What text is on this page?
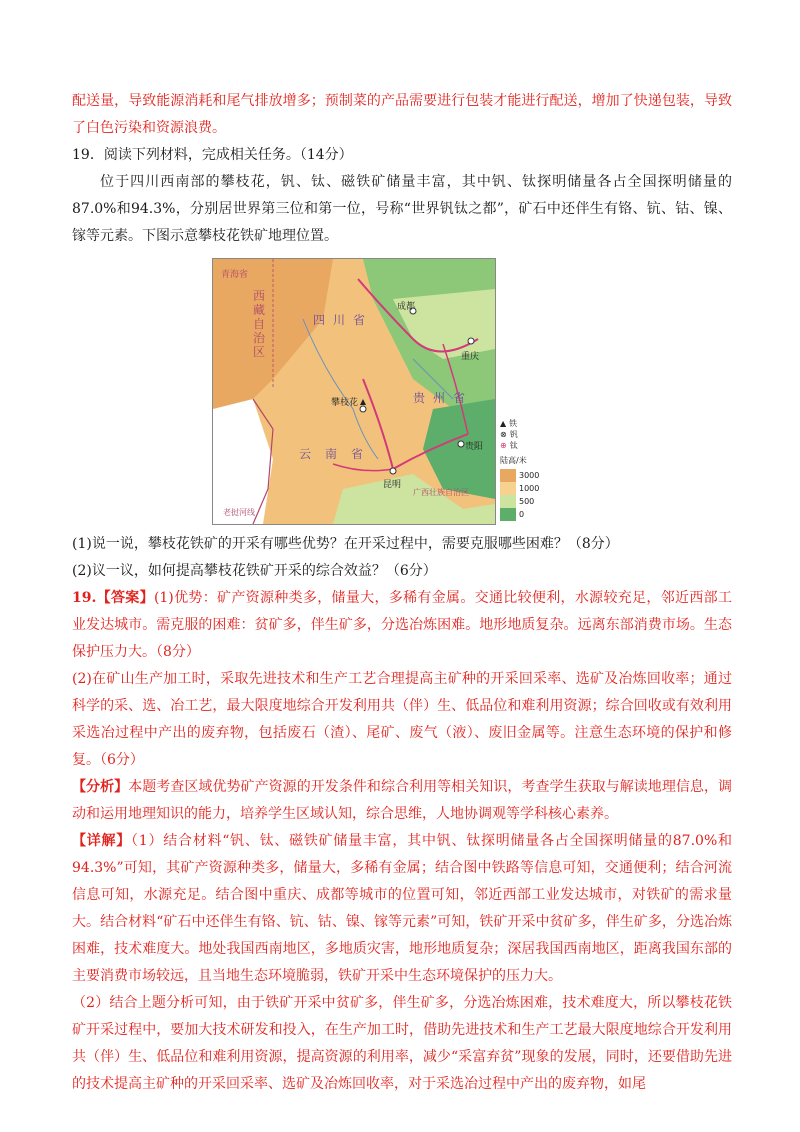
配送量，导致能源消耗和尾气排放增多；预制菜的产品需要进行包装才能进行配送，增加了快递包装，导致了白色污染和资源浪费。

19．阅读下列材料，完成相关任务。（14分）

位于四川西南部的攀枝花，钒、钛、磁铁矿储量丰富，其中钒、钛探明储量各占全国探明储量的87.0%和94.3%，分别居世界第三位和第一位，号称“世界钒钛之都”，矿石中还伴生有铬、钪、钴、镍、镓等元素。下图示意攀枝花铁矿地理位置。

青海省
西藏自治区
四川省
成都
重庆
攀枝花	贵州省
贵阳
云南省
昆明
广西壮族自治区
老挝河线
▲ 铁
⊗ 钒
⊕ 钛
陆高/米
3000
1000
500
0

(1)说一说，攀枝花铁矿的开采有哪些优势？在开采过程中，需要克服哪些困难？（8分）

(2)议一议，如何提高攀枝花铁矿开采的综合效益？（6分）

19.【答案】(1)优势：矿产资源种类多，储量大，多稀有金属。交通比较便利，水源较充足，邻近西部工业发达城市。需克服的困难：贫矿多，伴生矿多，分选冶炼困难。地形地质复杂。远离东部消费市场。生态保护压力大。（8分）

(2)在矿山生产加工时，采取先进技术和生产工艺合理提高主矿种的开采回采率、选矿及冶炼回收率；通过科学的采、选、冶工艺，最大限度地综合开发利用共（伴）生、低品位和难利用资源；综合回收或有效利用采选冶过程中产出的废弃物，包括废石（渣）、尾矿、废气（液）、废旧金属等。注意生态环境的保护和修复。（6分）

【分析】本题考查区域优势矿产资源的开发条件和综合利用等相关知识，考查学生获取与解读地理信息，调动和运用地理知识的能力，培养学生区域认知，综合思维，人地协调观等学科核心素养。

【详解】（1）结合材料“钒、钛、磁铁矿储量丰富，其中钒、钛探明储量各占全国探明储量的87.0%和94.3%”可知，其矿产资源种类多，储量大，多稀有金属；结合图中铁路等信息可知，交通便利；结合河流信息可知，水源充足。结合图中重庆、成都等城市的位置可知，邻近西部工业发达城市，对铁矿的需求量大。结合材料“矿石中还伴生有铬、钪、钴、镍、镓等元素”可知，铁矿开采中贫矿多，伴生矿多，分选冶炼困难，技术难度大。地处我国西南地区，多地质灾害，地形地质复杂；深居我国西南地区，距离我国东部的主要消费市场较远，且当地生态环境脆弱，铁矿开采中生态环境保护的压力大。

（2）结合上题分析可知，由于铁矿开采中贫矿多，伴生矿多，分选冶炼困难，技术难度大，所以攀枝花铁矿开采过程中，要加大技术研发和投入，在生产加工时，借助先进技术和生产工艺最大限度地综合开发利用共（伴）生、低品位和难利用资源，提高资源的利用率，减少“采富弃贫”现象的发展，同时，还要借助先进的技术提高主矿种的开采回采率、选矿及冶炼回收率，对于采选冶过程中产出的废弃物，如尾
